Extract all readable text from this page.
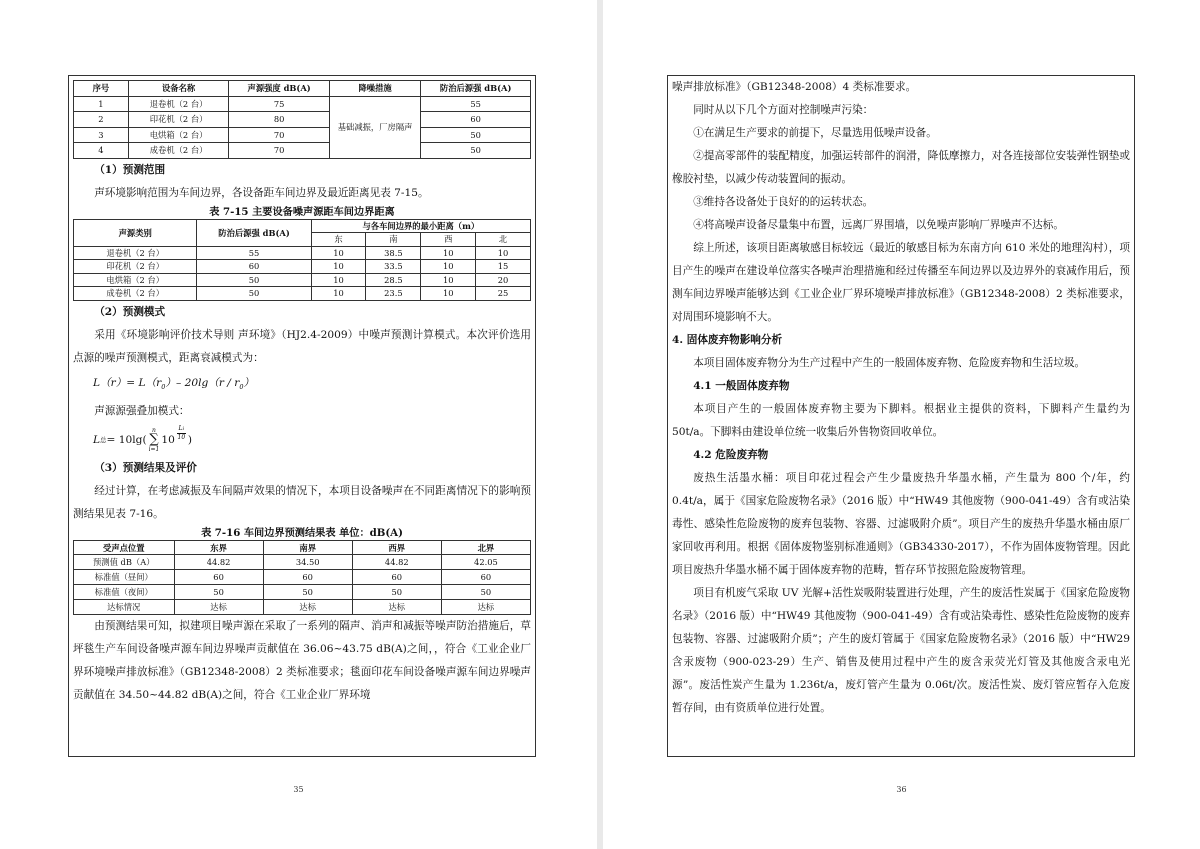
序号	设备名称	声源强度 dB(A)	降噪措施	防治后源强 dB(A)
1	退卷机（2 台）	75	基础减振，厂房隔声	55
2	印花机（2 台）	80		60
3	电烘箱（2 台）	70		50
4	成卷机（2 台）	70		50

（1）预测范围

声环境影响范围为车间边界，各设备距车间边界及最近距离见表 7-15。

表 7-15 主要设备噪声源距车间边界距离
声源类别	防治后源强 dB(A)	与各车间边界的最小距离（m）			
		东	南	西	北
退卷机（2 台）	55	10	38.5	10	10
印花机（2 台）	60	10	33.5	10	15
电烘箱（2 台）	50	10	28.5	10	20
成卷机（2 台）	50	10	23.5	10	25

（2）预测模式

采用《环境影响评价技术导则 声环境》（HJ2.4-2009）中噪声预测计算模式。本次评价选用点源的噪声预测模式，距离衰减模式为：

$L(r)= L(r_0)-$ $20\lg(r / r_0)$

声源源强叠加模式：

L 总 = 10lg(
n
∑
i=1
10
Li
10 )

（3）预测结果及评价

经过计算，在考虑减振及车间隔声效果的情况下，本项目设备噪声在不同距离情况下的影响预测结果见表 7-16。

表 7-16 车间边界预测结果表 单位：dB(A)
受声点位置	东界	南界	西界	北界
预测值 dB（A）	44.82	34.50	44.82	42.05
标准值（昼间）	60	60	60	60
标准值（夜间）	50	50	50	50
达标情况	达标	达标	达标	达标

由预测结果可知，拟建项目噪声源在采取了一系列的隔声、消声和减振等噪声防治措施后，草坪毯生产车间设备噪声源车间边界噪声贡献值在 36.06~43.75 dB(A)之间，，符合《工业企业厂界环境噪声排放标准》（GB12348-2008）2 类标准要求；毯面印花车间设备噪声源车间边界噪声贡献值在 34.50~44.82 dB(A)之间，符合《工业企业厂界环境

35

噪声排放标准》（GB12348-2008）4 类标准要求。

同时从以下几个方面对控制噪声污染：

①在满足生产要求的前提下，尽量选用低噪声设备。

②提高零部件的装配精度，加强运转部件的润滑，降低摩擦力，对各连接部位安装弹性钢垫或橡胶衬垫，以减少传动装置间的振动。

③维持各设备处于良好的的运转状态。

④将高噪声设备尽量集中布置，远离厂界围墙，以免噪声影响厂界噪声不达标。

综上所述，该项目距离敏感目标较远（最近的敏感目标为东南方向 610 米处的地理沟村），项目产生的噪声在建设单位落实各噪声治理措施和经过传播至车间边界以及边界外的衰减作用后，预测车间边界噪声能够达到《工业企业厂界环境噪声排放标准》（GB12348-2008）2 类标准要求，对周围环境影响不大。

4. 固体废弃物影响分析

本项目固体废弃物分为生产过程中产生的一般固体废弃物、危险废弃物和生活垃圾。

4.1 一般固体废弃物

本项目产生的一般固体废弃物主要为下脚料。根据业主提供的资料，下脚料产生量约为 50t/a。下脚料由建设单位统一收集后外售物资回收单位。

4.2 危险废弃物

废热生活墨水桶：项目印花过程会产生少量废热升华墨水桶，产生量为 800 个/年，约 0.4t/a，属于《国家危险废物名录》（2016 版）中“HW49 其他废物（900-041-49）含有或沾染毒性、感染性危险废物的废弃包装物、容器、过滤吸附介质”。项目产生的废热升华墨水桶由原厂家回收再利用。根据《固体废物鉴别标准通则》（GB34330-2017），不作为固体废物管理。因此项目废热升华墨水桶不属于固体废弃物的范畴，暂存环节按照危险废物管理。

项目有机废气采取 UV 光解+活性炭吸附装置进行处理，产生的废活性炭属于《国家危险废物名录》（2016 版）中“HW49 其他废物（900-041-49）含有或沾染毒性、感染性危险废物的废弃包装物、容器、过滤吸附介质”；产生的废灯管属于《国家危险废物名录》（2016 版）中“HW29 含汞废物（900-023-29）生产、销售及使用过程中产生的废含汞荧光灯管及其他废含汞电光源”。废活性炭产生量为 1.236t/a，废灯管产生量为 0.06t/次。废活性炭、废灯管应暂存入危废暂存间，由有资质单位进行处置。

36
